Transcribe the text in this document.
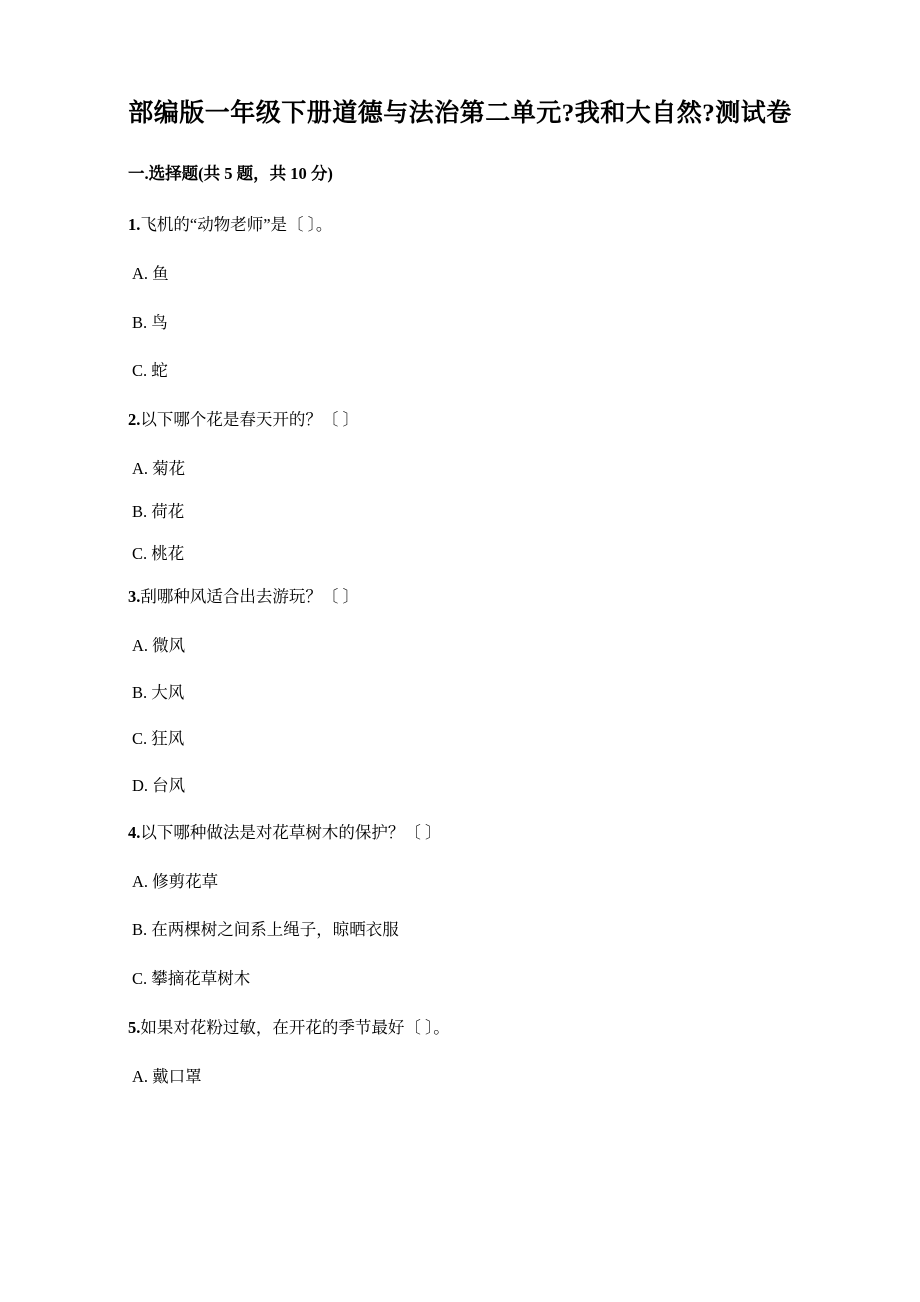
部编版一年级下册道德与法治第二单元?我和大自然?测试卷
一.选择题(共 5 题，共 10 分)
1.飞机的“动物老师”是〔 〕。
A. 鱼
B. 鸟
C. 蛇
2.以下哪个花是春天开的？〔 〕
A. 菊花
B. 荷花
C. 桃花
3.刮哪种风适合出去游玩？〔 〕
A. 微风
B. 大风
C. 狂风
D. 台风
4.以下哪种做法是对花草树木的保护？〔 〕
A. 修剪花草
B. 在两棵树之间系上绳子，晾晒衣服
C. 攀摘花草树木
5.如果对花粉过敏，在开花的季节最好〔 〕。
A. 戴口罩
